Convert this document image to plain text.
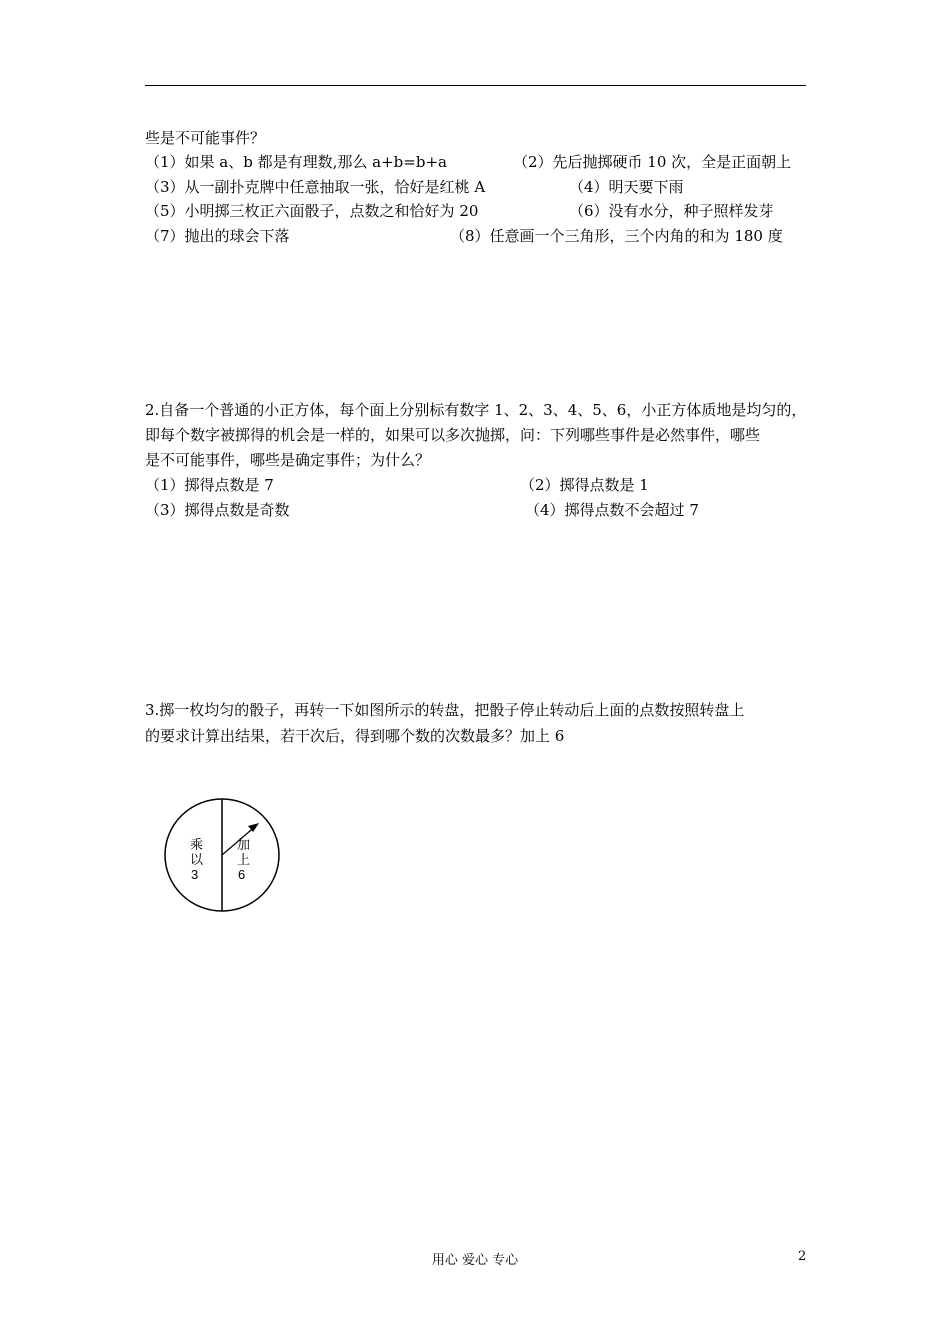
些是不可能事件？
（1）如果 a、b 都是有理数,那么 a+b=b+a	（2）先后抛掷硬币 10 次，全是正面朝上
（3）从一副扑克牌中任意抽取一张，恰好是红桃 A	（4）明天要下雨
（5）小明掷三枚正六面骰子，点数之和恰好为 20	（6）没有水分，种子照样发芽
（7）抛出的球会下落	（8）任意画一个三角形，三个内角的和为 180 度
2.自备一个普通的小正方体，每个面上分别标有数字 1、2、3、4、5、6，小正方体质地是均匀的，
即每个数字被掷得的机会是一样的，如果可以多次抛掷，问：下列哪些事件是必然事件，哪些
是不可能事件，哪些是确定事件；为什么？
（1）掷得点数是 7	（2）掷得点数是 1
（3）掷得点数是奇数	（4）掷得点数不会超过 7
3.掷一枚均匀的骰子，再转一下如图所示的转盘，把骰子停止转动后上面的点数按照转盘上
的要求计算出结果，若干次后，得到哪个数的次数最多？加上 6
乘
以
3
加
上
6
用心 爱心 专心	2
